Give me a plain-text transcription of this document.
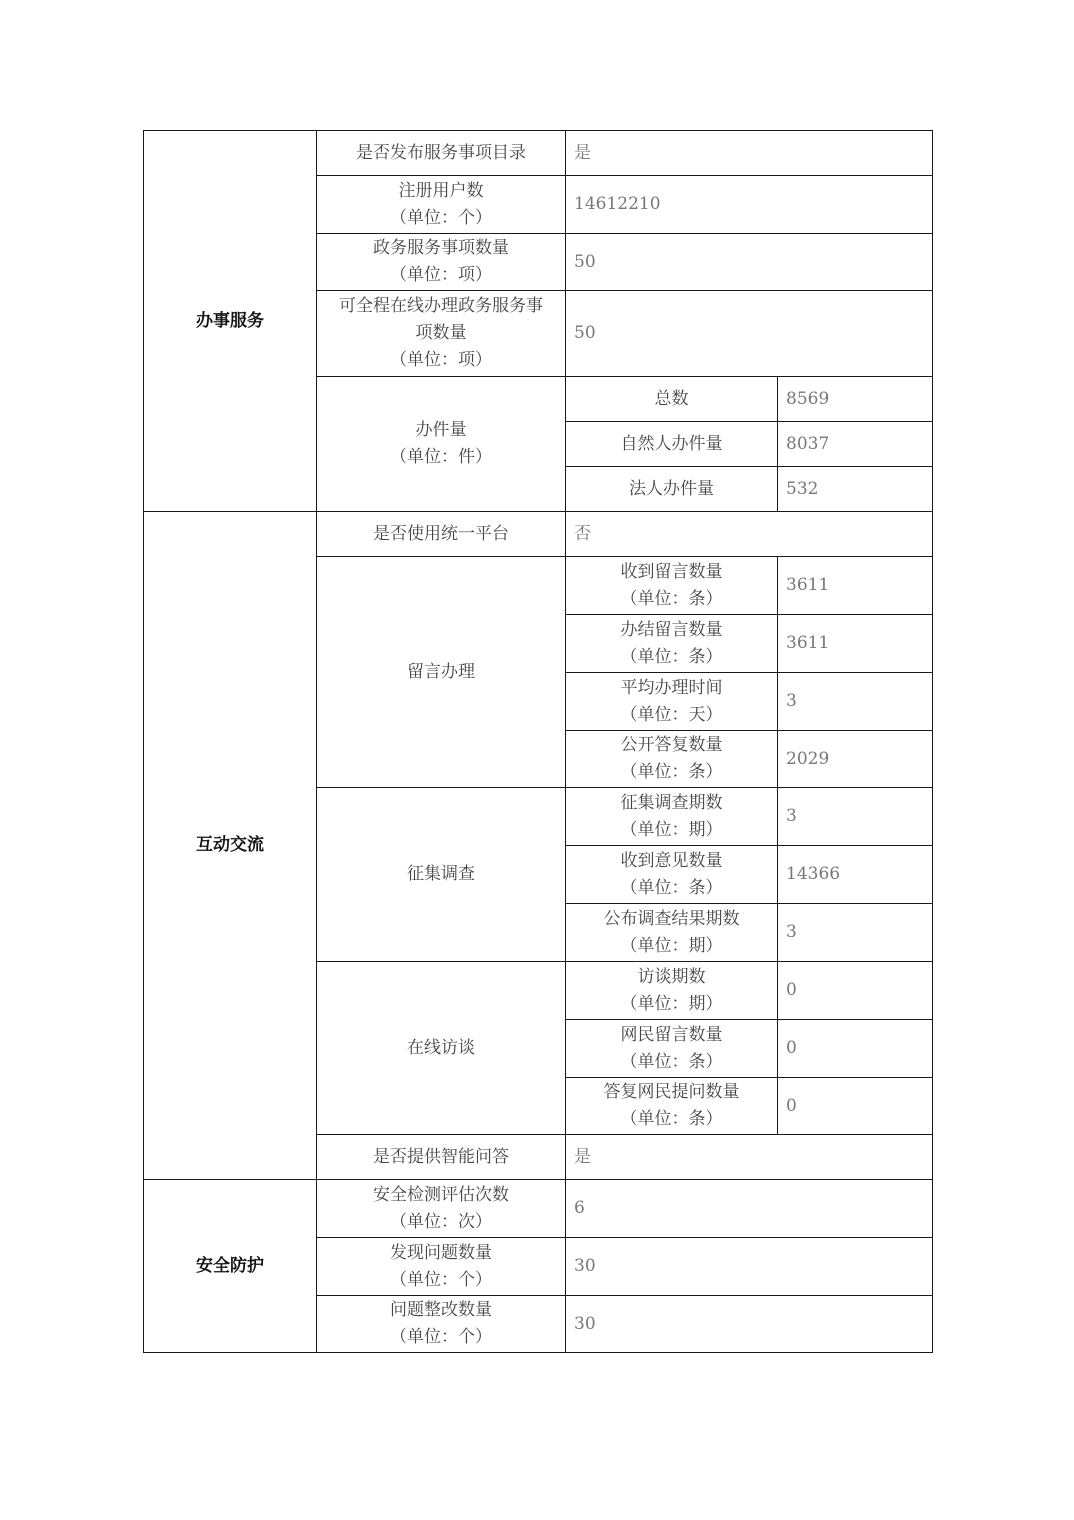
办事服务	是否发布服务事项目录	是	

	注册用户数
（单位：个）	14612210	

	政务服务事项数量
（单位：项）	50	

	可全程在线办理政务服务事
项数量
（单位：项）	50	

	办件量
（单位：件）	总数	8569
		自然人办件量	8037
		法人办件量	532
互动交流	是否使用统一平台	否	
	留言办理	收到留言数量
（单位：条）	3611

		办结留言数量
（单位：条）	3611

		平均办理时间
（单位：天）	3

		公开答复数量
（单位：条）	2029
	征集调查	征集调查期数
（单位：期）	3

		收到意见数量
（单位：条）	14366

		公布调查结果期数
（单位：期）	3
	在线访谈	访谈期数
（单位：期）	0

		网民留言数量
（单位：条）	0

		答复网民提问数量
（单位：条）	0
	是否提供智能问答	是	
安全防护	安全检测评估次数
（单位：次）	6	

	发现问题数量
（单位：个）	30	

	问题整改数量
（单位：个）	30	
